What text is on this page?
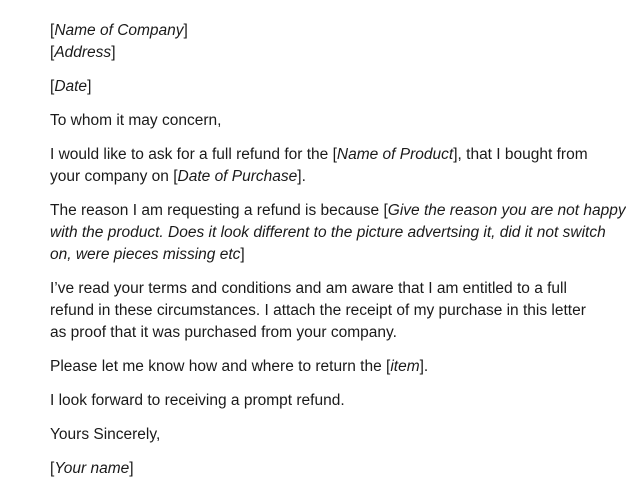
[Name of Company]

[Address]

[Date]

To whom it may concern,

I would like to ask for a full refund for the [Name of Product], that I bought from

your company on [Date of Purchase].

The reason I am requesting a refund is because [Give the reason you are not happy

with the product. Does it look different to the picture advertsing it, did it not switch

on, were pieces missing etc]

I’ve read your terms and conditions and am aware that I am entitled to a full

refund in these circumstances. I attach the receipt of my purchase in this letter

as proof that it was purchased from your company.

Please let me know how and where to return the [item].

I look forward to receiving a prompt refund.

Yours Sincerely,

[Your name]
